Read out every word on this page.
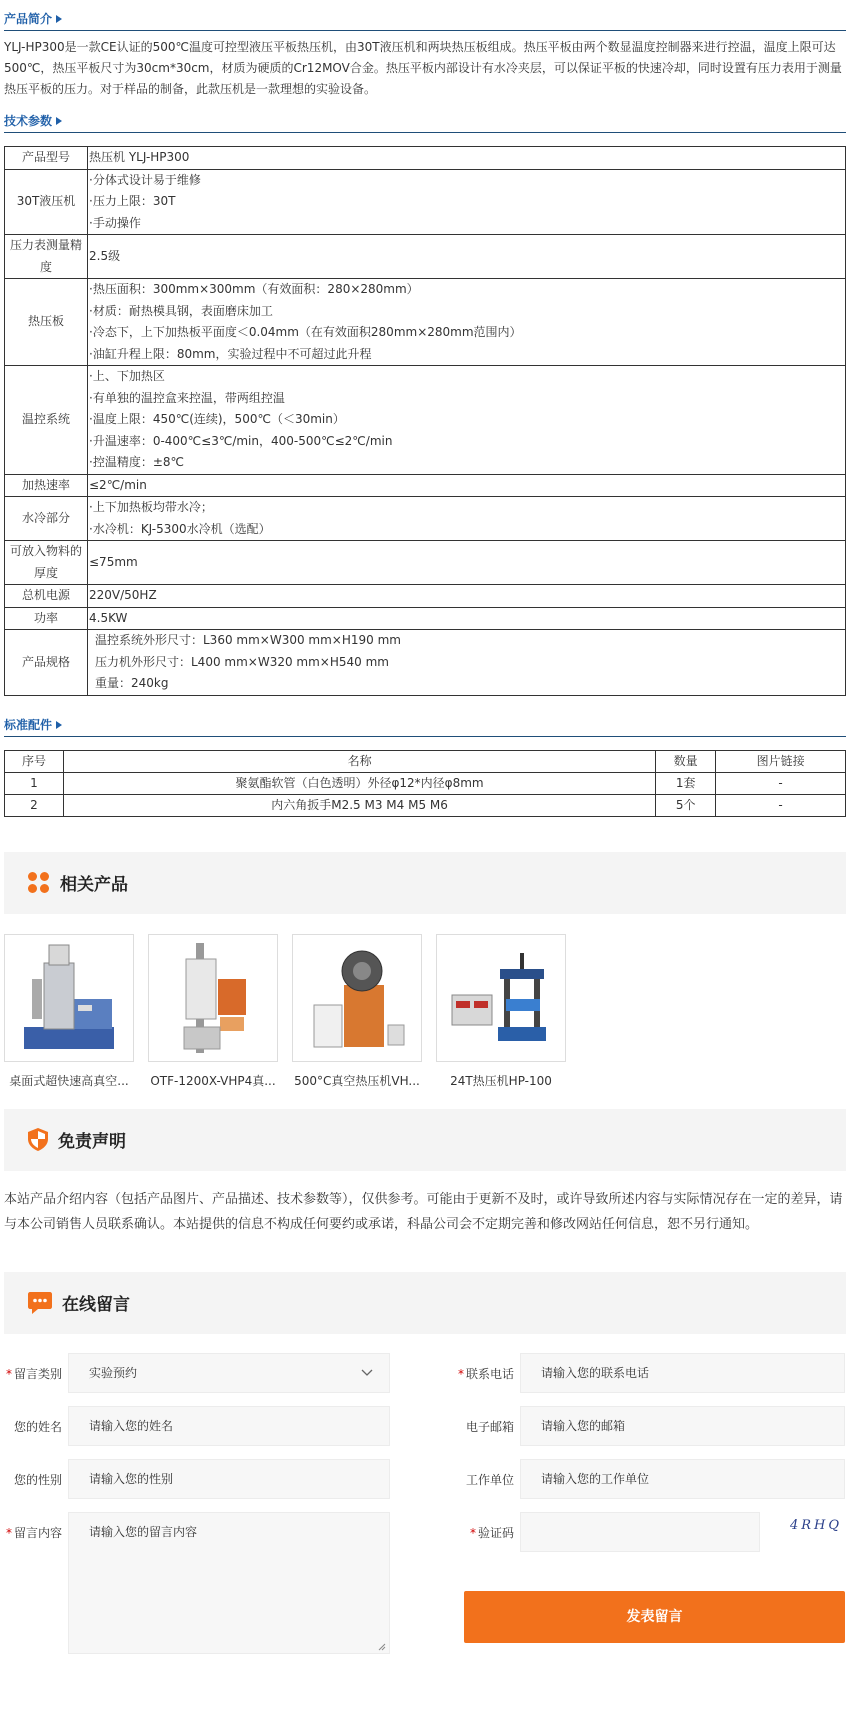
产品简介
YLJ-HP300是一款CE认证的500℃温度可控型液压平板热压机，由30T液压机和两块热压板组成。热压平板由两个数显温度控制器来进行控温，温度上限可达500℃，热压平板尺寸为30cm*30cm，材质为硬质的Cr12MOV合金。热压平板内部设计有水冷夹层，可以保证平板的快速冷却，同时设置有压力表用于测量热压平板的压力。对于样品的制备，此款压机是一款理想的实验设备。
技术参数
产品型号	热压机 YLJ-HP300

30T液压机	·分体式设计易于维修
·压力上限：30T
·手动操作

压力表测量精度	2.5级

热压板	·热压面积：300mm×300mm（有效面积：280×280mm）
·材质：耐热模具钢，表面磨床加工
·冷态下，上下加热板平面度＜0.04mm（在有效面积280mm×280mm范围内）
·油缸升程上限：80mm，实验过程中不可超过此升程

温控系统	·上、下加热区
·有单独的温控盒来控温，带两组控温
·温度上限：450℃(连续)，500℃（＜30min）
·升温速率：0-400℃≤3℃/min，400-500℃≤2℃/min
·控温精度：±8℃

加热速率	≤2℃/min

水冷部分	·上下加热板均带水冷；
·水冷机：KJ-5300水冷机（选配）

可放入物料的厚度	≤75mm

总机电源	220V/50HZ

功率	4.5KW

产品规格	温控系统外形尺寸：L360 mm×W300 mm×H190 mm
压力机外形尺寸：L400 mm×W320 mm×H540 mm
重量：240kg
标准配件
序号	名称	数量	图片链接
1	聚氨酯软管（白色透明）外径φ12*内径φ8mm	1套	-
2	内六角扳手M2.5 M3 M4 M5 M6	5个	-
相关产品
桌面式超快速高真空...	OTF-1200X-VHP4真... 500°C真空热压机VH...	24T热压机HP-100
免责声明
本站产品介绍内容（包括产品图片、产品描述、技术参数等），仅供参考。可能由于更新不及时，或许导致所述内容与实际情况存在一定的差异，请与本公司销售人员联系确认。本站提供的信息不构成任何要约或承诺，科晶公司会不定期完善和修改网站任何信息，恕不另行通知。
在线留言
* 留言类别	实验预约	* 联系电话	请输入您的联系电话
您的姓名	请输入您的姓名	电子邮箱	请输入您的邮箱
您的性别	请输入您的性别	工作单位	请输入您的工作单位
* 留言内容	请输入您的留言内容	* 验证码	4RHQ
发表留言
